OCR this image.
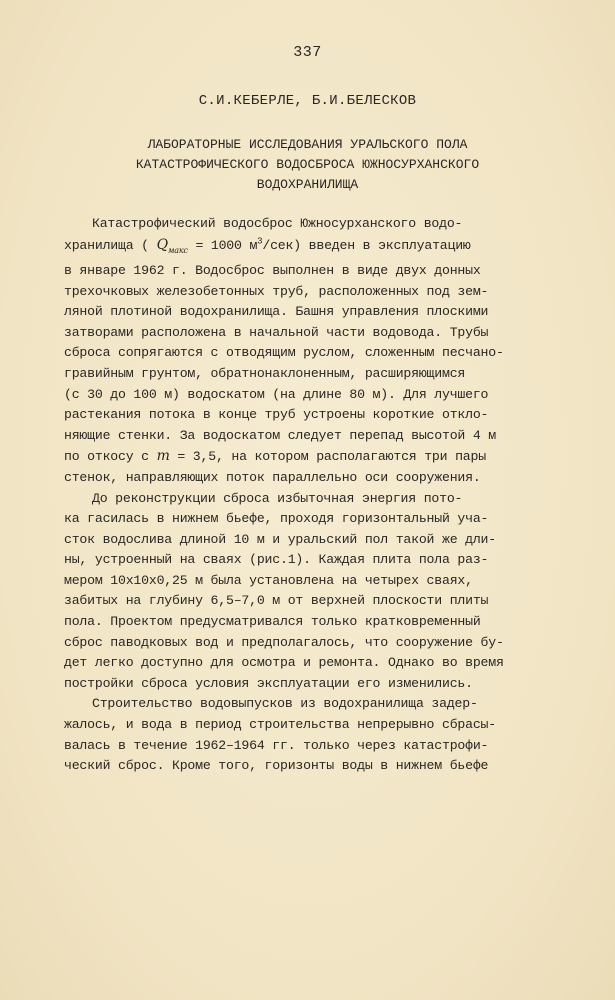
337
С.И.КЕБЕРЛЕ, Б.И.БЕЛЕСКОВ
ЛАБОРАТОРНЫЕ ИССЛЕДОВАНИЯ УРАЛЬСКОГО ПОЛА
КАТАСТРОФИЧЕСКОГО ВОДОСБРОСА ЮЖНОСУРХАНСКОГО
ВОДОХРАНИЛИЩА
Катастрофический водосброс Южносурханского водо-
хранилища ( $Q_{макс} = 1000$ $м^3/сек$) введен в эксплуатацию
в январе 1962 г. Водосброс выполнен в виде двух донных
трехочковых железобетонных труб, расположенных под зем-
ляной плотиной водохранилища. Башня управления плоскими
затворами расположена в начальной части водовода. Трубы
сброса сопрягаются с отводящим руслом, сложенным песчано-
гравийным грунтом, обратнонаклоненным, расширяющимся
(с 30 до 100 м) водоскатом (на длине 80 м). Для лучшего
растекания потока в конце труб устроены короткие откло-
няющие стенки. За водоскатом следует перепад высотой 4 м
по откосу с m = 3,5, на котором располагаются три пары
стенок, направляющих поток параллельно оси сооружения.
До реконструкции сброса избыточная энергия пото-
ка гасилась в нижнем бьефе, проходя горизонтальный уча-
сток водослива длиной 10 м и уральский пол такой же дли-
ны, устроенный на сваях (рис.1). Каждая плита пола раз-
мером 10х10х0,25 м была установлена на четырех сваях,
забитых на глубину 6,5–7,0 м от верхней плоскости плиты
пола. Проектом предусматривался только кратковременный
сброс паводковых вод и предполагалось, что сооружение бу-
дет легко доступно для осмотра и ремонта. Однако во время
постройки сброса условия эксплуатации его изменились.
Строительство водовыпусков из водохранилища задер-
жалось, и вода в период строительства непрерывно сбрасы-
валась в течение 1962–1964 гг. только через катастрофи-
ческий сброс. Кроме того, горизонты воды в нижнем бьефе
